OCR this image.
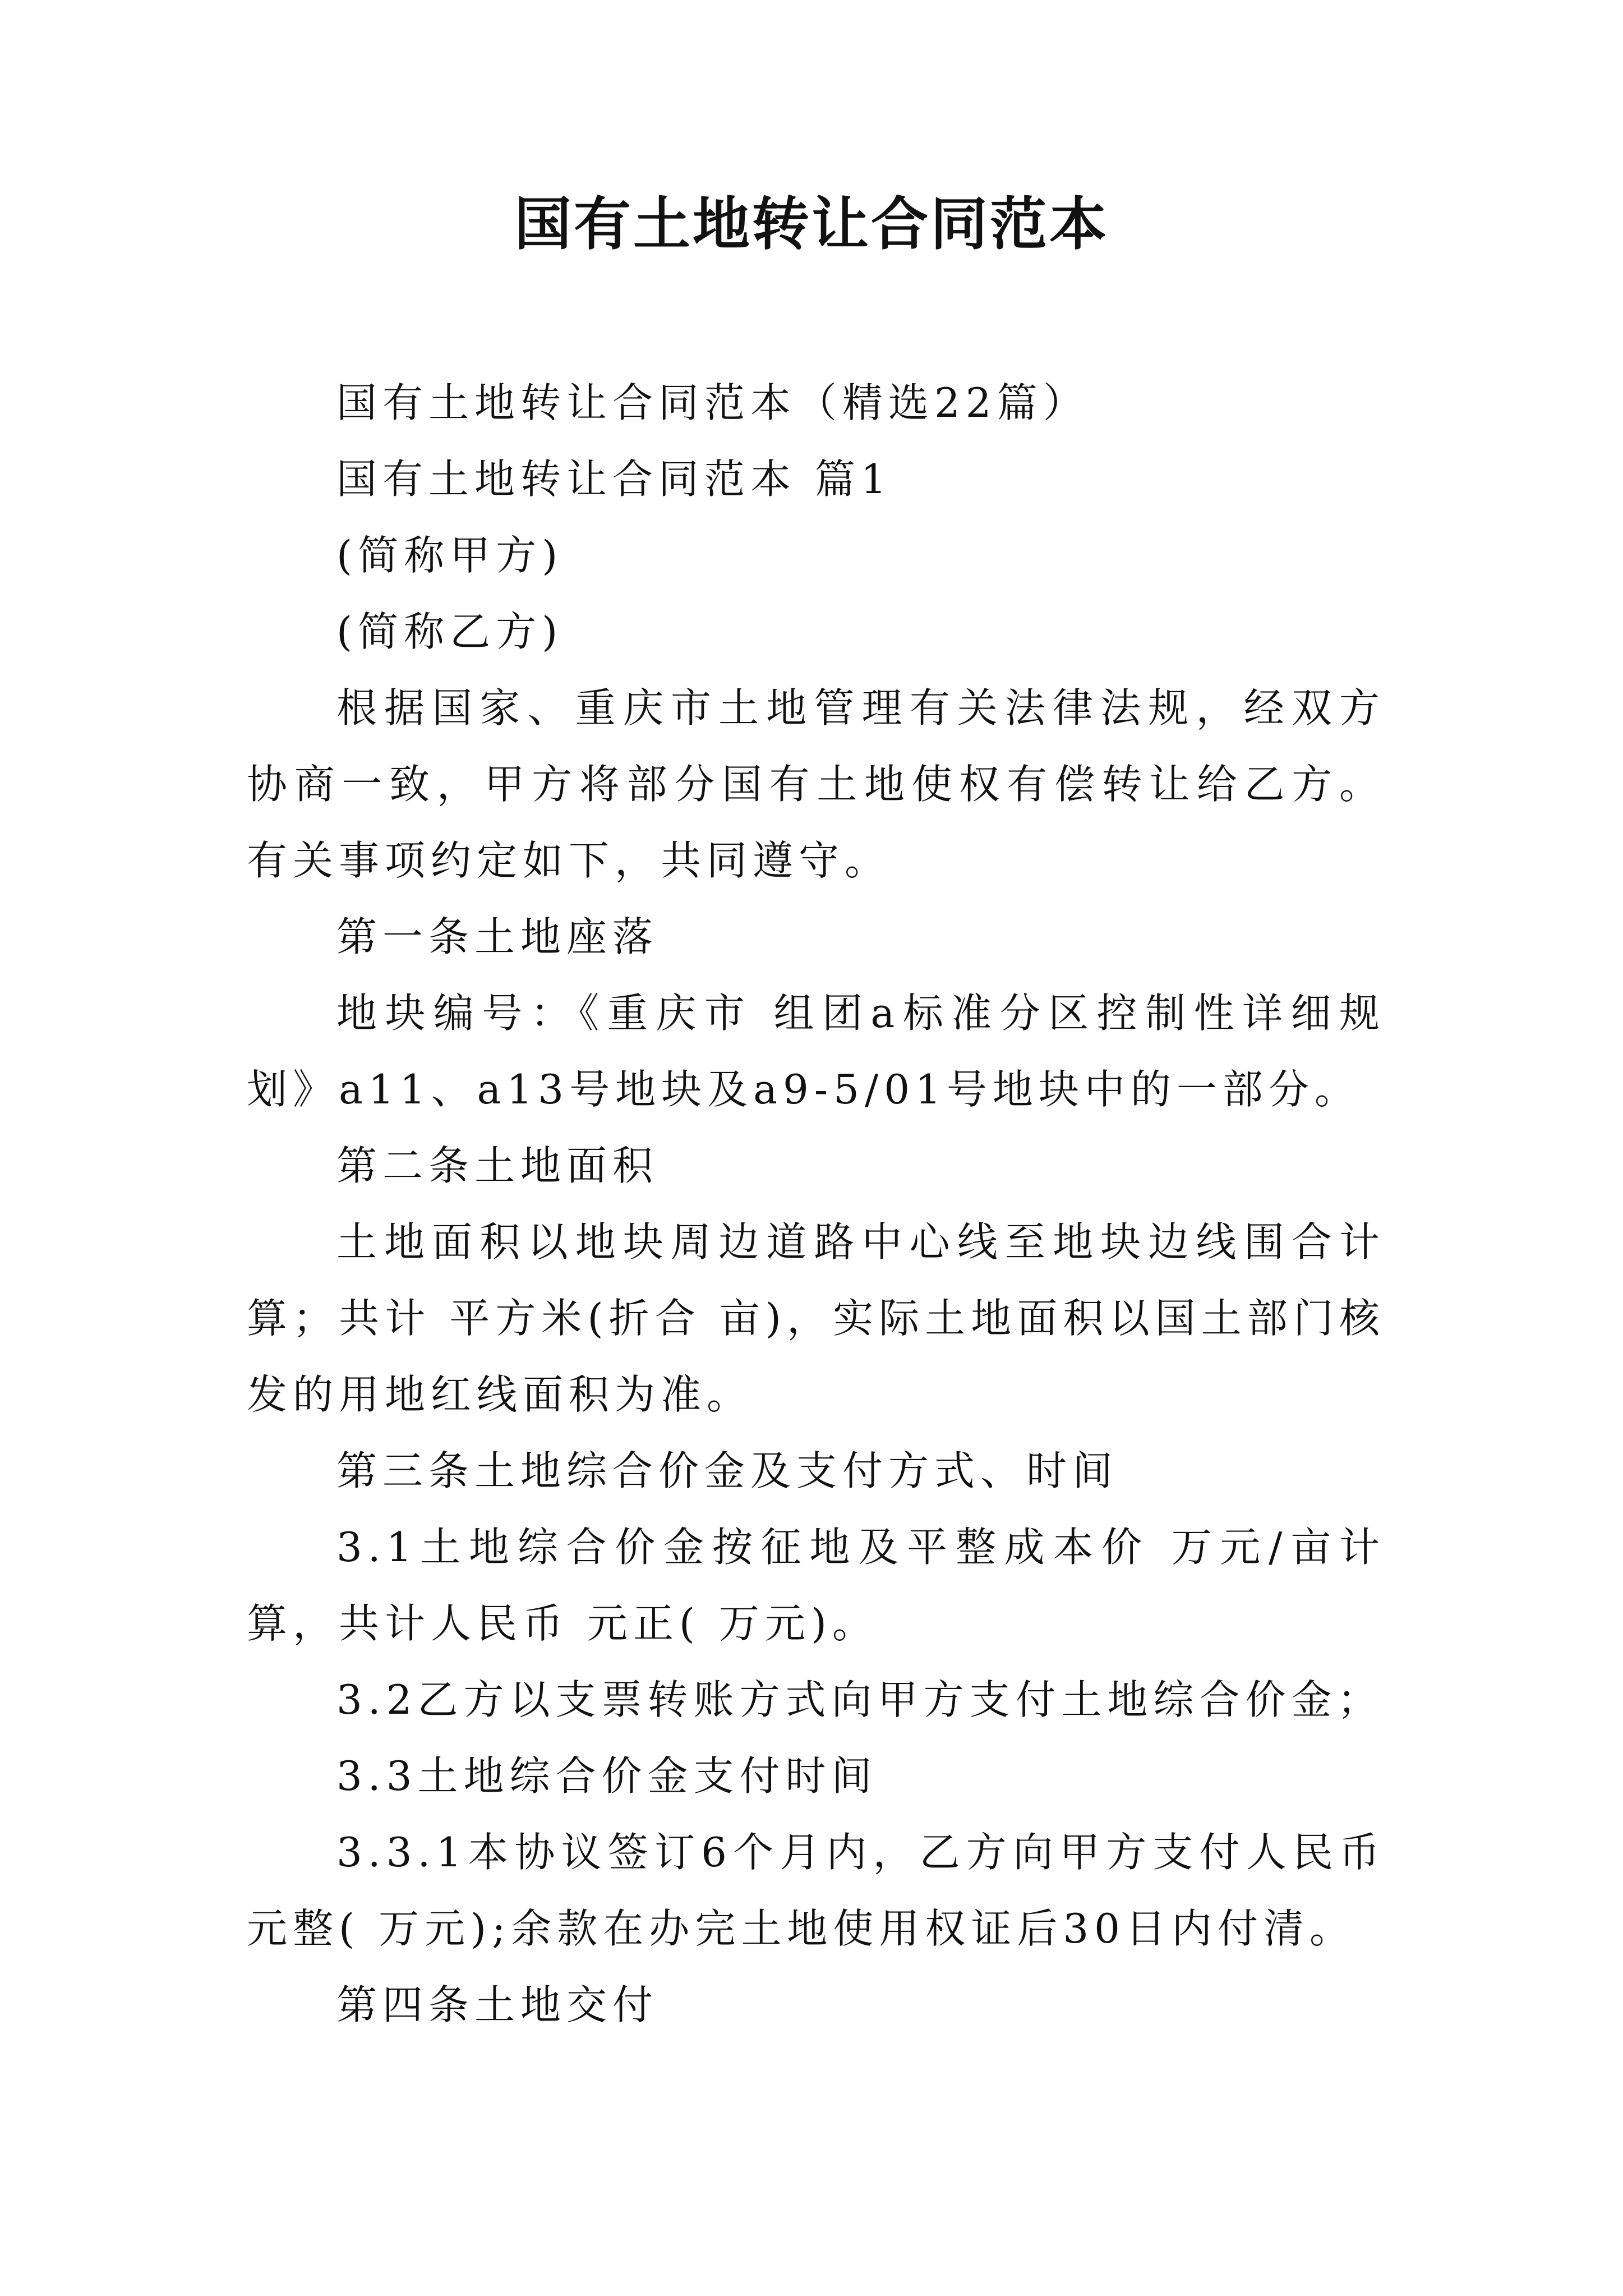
国有土地转让合同范本

国有土地转让合同范本（精选22篇）

国有土地转让合同范本 篇1

(简称甲方)

(简称乙方)

根据国家、重庆市土地管理有关法律法规，经双方协商一致，甲方将部分国有土地使权有偿转让给乙方。有关事项约定如下，共同遵守。

第一条土地座落

地块编号：《重庆市 组团a标准分区控制性详细规划》a11、a13号地块及a9-5/01号地块中的一部分。

第二条土地面积

土地面积以地块周边道路中心线至地块边线围合计算；共计 平方米(折合 亩)，实际土地面积以国土部门核发的用地红线面积为准。

第三条土地综合价金及支付方式、时间

3.1土地综合价金按征地及平整成本价 万元/亩计算，共计人民币 元正( 万元)。

3.2乙方以支票转账方式向甲方支付土地综合价金；

3.3土地综合价金支付时间

3.3.1本协议签订6个月内，乙方向甲方支付人民币 元整( 万元);余款在办完土地使用权证后30日内付清。

第四条土地交付
